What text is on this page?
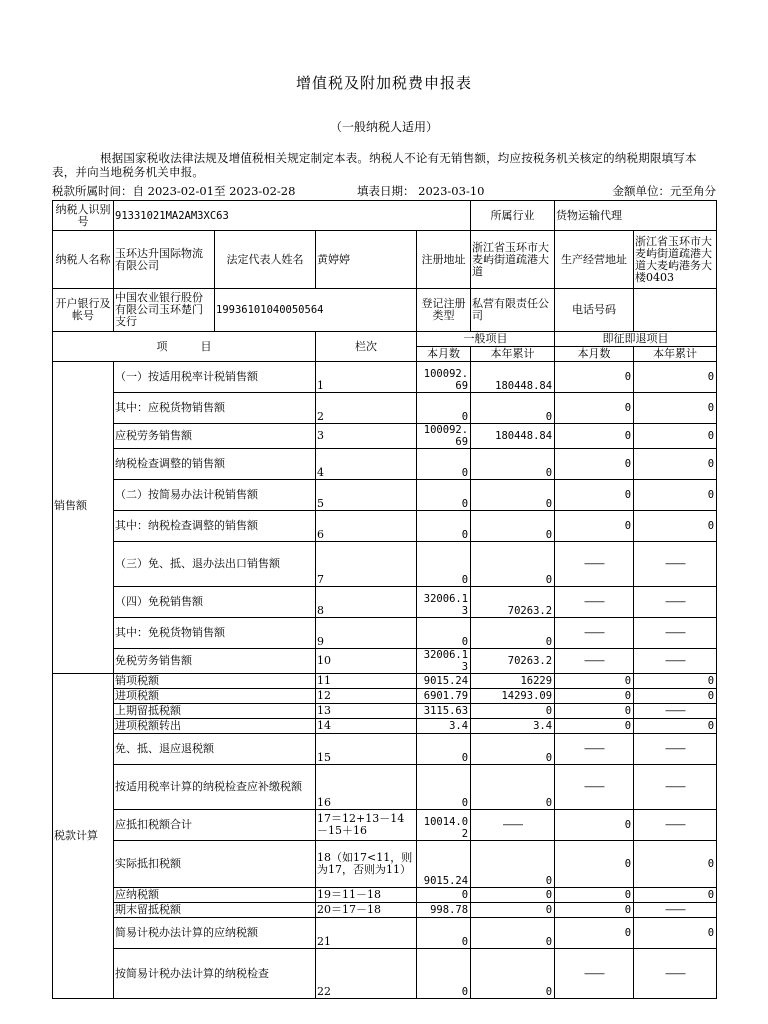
增值税及附加税费申报表
（一般纳税人适用）
根据国家税收法律法规及增值税相关规定制定本表。纳税人不论有无销售额，均应按税务机关核定的纳税期限填写本表，并向当地税务机关申报。
税款所属时间：自 2023-02-01至 2023-02-28	填表日期： 2023-03-10	金额单位：元至角分
纳税人识别号	91331021MA2AM3XC63				所属行业	货物运输代理	
纳税人名称	玉环达升国际物流有限公司	法定代表人姓名	黄婷婷	注册地址	浙江省玉环市大麦屿街道疏港大道	生产经营地址	浙江省玉环市大麦屿街道疏港大道大麦屿港务大楼0403
开户银行及帐号	中国农业银行股份有限公司玉环楚门支行	19936101040050564		登记注册类型	私营有限责任公司	电话号码	
项　　　目			栏次	一般项目		即征即退项目	
				本月数	本年累计	本月数	本年累计
销售额	（一）按适用税率计税销售额		1	100092.69	180448.84	0	0
	其中：应税货物销售额		2	0	0	0	0
	应税劳务销售额		3	100092.69	180448.84	0	0
	纳税检查调整的销售额		4	0	0	0	0
	（二）按简易办法计税销售额		5	0	0	0	0
	其中：纳税检查调整的销售额		6	0	0	0	0
	（三）免、抵、退办法出口销售额		7	0	0	——	——
	（四）免税销售额		8	32006.13	70263.2	——	——
	其中：免税货物销售额		9	0	0	——	——
	免税劳务销售额		10	32006.13	70263.2	——	——
税款计算	销项税额		11	9015.24	16229	0	0
	进项税额		12	6901.79	14293.09	0	0
	上期留抵税额		13	3115.63	0	0	——
	进项税额转出		14	3.4	3.4	0	0
	免、抵、退应退税额		15	0	0	——	——
	按适用税率计算的纳税检查应补缴税额		16	0	0	——	——
	应抵扣税额合计		17＝12+13－14－15＋16	10014.02	——	0	——
	实际抵扣税额		18（如17<11，则为17，否则为11）	9015.24	0	0	0
	应纳税额		19＝11－18	0	0	0	0
	期末留抵税额		20＝17－18	998.78	0	0	——
	简易计税办法计算的应纳税额		21	0	0	0	0
	按简易计税办法计算的纳税检查		22	0	0	——	——
